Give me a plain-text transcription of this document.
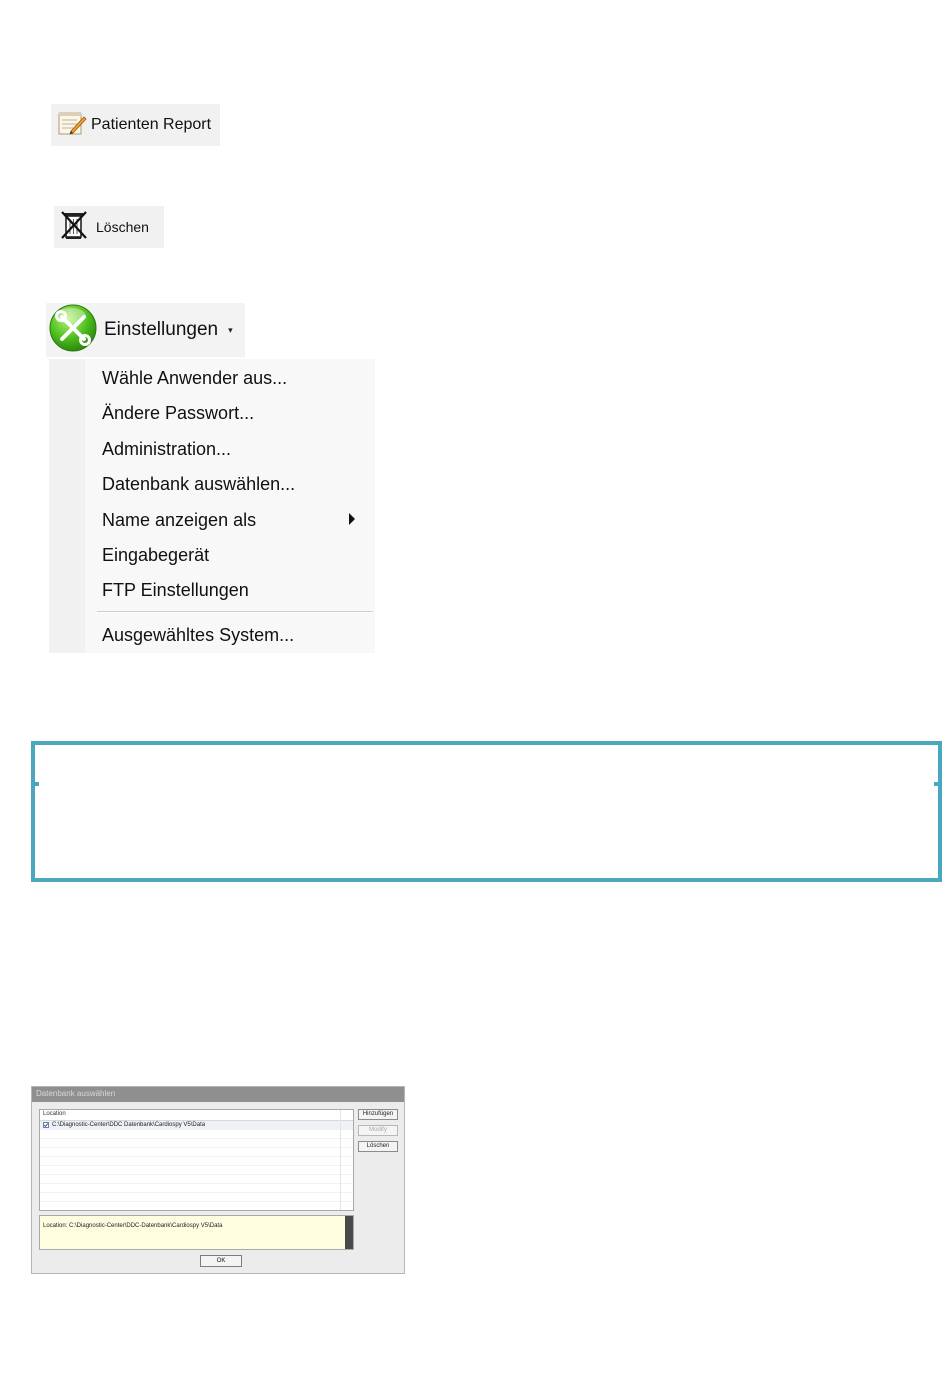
Patienten Report
Löschen
Einstellungen ▾
Wähle Anwender aus...
Ändere Passwort...
Administration...
Datenbank auswählen...
Name anzeigen als
Eingabegerät
FTP Einstellungen
Ausgewähltes System...
Datenbank auswählen
Location
C:\Diagnostic-Center\DDC Datenbank\Cardiospy V5\Data
Hinzufügen
Modify
Löschen
Location: C:\Diagnostic-Center\DDC-Datenbank\Cardiospy V5\Data
OK
